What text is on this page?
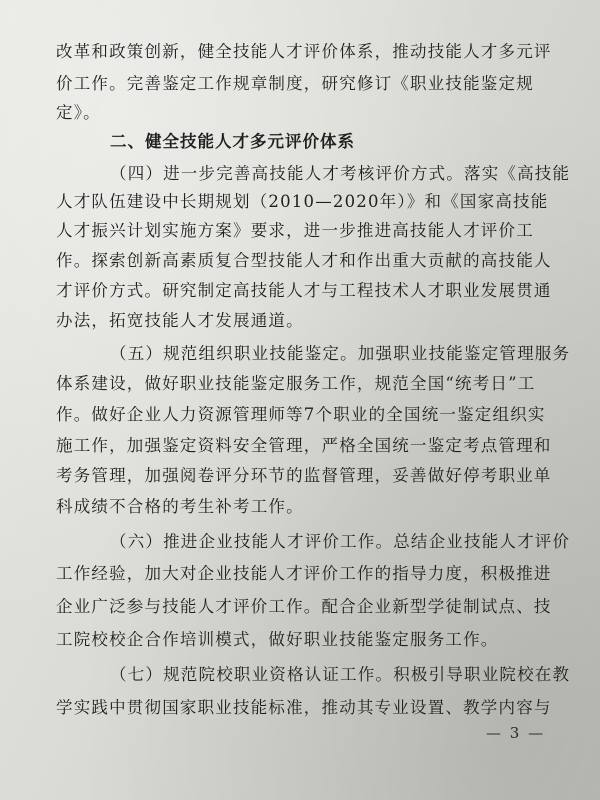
改革和政策创新，健全技能人才评价体系，推动技能人才多元评
价工作。完善鉴定工作规章制度，研究修订《职业技能鉴定规
定》。
二、健全技能人才多元评价体系
（四）进一步完善高技能人才考核评价方式。落实《高技能
人才队伍建设中长期规划（2010—2020年）》和《国家高技能
人才振兴计划实施方案》要求，进一步推进高技能人才评价工
作。探索创新高素质复合型技能人才和作出重大贡献的高技能人
才评价方式。研究制定高技能人才与工程技术人才职业发展贯通
办法，拓宽技能人才发展通道。
（五）规范组织职业技能鉴定。加强职业技能鉴定管理服务
体系建设，做好职业技能鉴定服务工作，规范全国“统考日”工
作。做好企业人力资源管理师等7个职业的全国统一鉴定组织实
施工作，加强鉴定资料安全管理，严格全国统一鉴定考点管理和
考务管理，加强阅卷评分环节的监督管理，妥善做好停考职业单
科成绩不合格的考生补考工作。
（六）推进企业技能人才评价工作。总结企业技能人才评价
工作经验，加大对企业技能人才评价工作的指导力度，积极推进
企业广泛参与技能人才评价工作。配合企业新型学徒制试点、技
工院校校企合作培训模式，做好职业技能鉴定服务工作。
（七）规范院校职业资格认证工作。积极引导职业院校在教
学实践中贯彻国家职业技能标准，推动其专业设置、教学内容与
— 3 —
